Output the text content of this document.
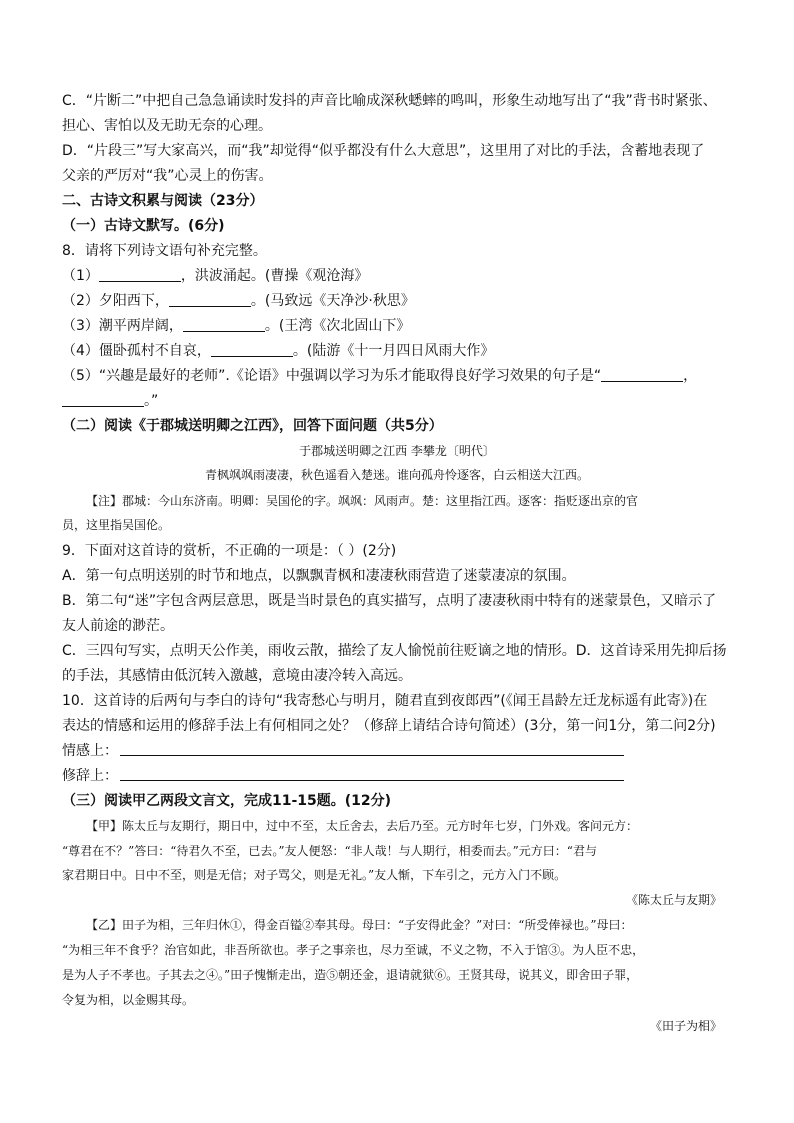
C．“片断二”中把自己急急诵读时发抖的声音比喻成深秋蟋蟀的鸣叫，形象生动地写出了“我”背书时紧张、
担心、害怕以及无助无奈的心理。
D．“片段三”写大家高兴，而“我”却觉得“似乎都没有什么大意思”，这里用了对比的手法，含蓄地表现了
父亲的严厉对“我”心灵上的伤害。
二、古诗文积累与阅读（23分）
（一）古诗文默写。(6分)
8．请将下列诗文语句补充完整。
（1）	，洪波涌起。(曹操《观沧海》
（2）夕阳西下，	。(马致远《天净沙·秋思》
（3）潮平两岸阔，	。(王湾《次北固山下》
（4）僵卧孤村不自哀，	。(陆游《十一月四日风雨大作》
（5）“兴趣是最好的老师”.《论语》中强调以学习为乐才能取得良好学习效果的句子是“	，
。”
（二）阅读《于郡城送明卿之江西》，回答下面问题（共5分）
于郡城送明卿之江西 李攀龙〔明代〕
青枫飒飒雨凄凄，秋色遥看入楚迷。谁向孤舟怜逐客，白云相送大江西。
【注】郡城：今山东济南。明卿：吴国伦的字。飒飒：风雨声。楚：这里指江西。逐客：指贬逐出京的官
员，这里指吴国伦。
9．下面对这首诗的赏析，不正确的一项是：（ ）(2分)
A．第一句点明送别的时节和地点，以飘飘青枫和凄凄秋雨营造了迷蒙凄凉的氛围。
B．第二句“迷”字包含两层意思，既是当时景色的真实描写，点明了凄凄秋雨中特有的迷蒙景色，又暗示了
友人前途的渺茫。
C．三四句写实，点明天公作美，雨收云散，描绘了友人愉悦前往贬谪之地的情形。D．这首诗采用先抑后扬
的手法，其感情由低沉转入激越，意境由凄冷转入高远。
10．这首诗的后两句与李白的诗句“我寄愁心与明月，随君直到夜郎西”(《闻王昌龄左迁龙标遥有此寄》)在
表达的情感和运用的修辞手法上有何相同之处？（修辞上请结合诗句简述）(3分，第一问1分，第二问2分)
情感上：
修辞上：
（三）阅读甲乙两段文言文，完成11-15题。(12分)
【甲】陈太丘与友期行，期日中，过中不至，太丘舍去，去后乃至。元方时年七岁，门外戏。客问元方：
“尊君在不？”答曰：“待君久不至，已去。”友人便怒：“非人哉！与人期行，相委而去。”元方曰：“君与
家君期日中。日中不至，则是无信；对子骂父，则是无礼。”友人惭，下车引之，元方入门不顾。
《陈太丘与友期》
【乙】田子为相，三年归休①，得金百镒②奉其母。母曰：“子安得此金？”对曰：“所受俸禄也。”母曰：
“为相三年不食乎？治官如此，非吾所欲也。孝子之事亲也，尽力至诚，不义之物，不入于馆③。为人臣不忠，
是为人子不孝也。子其去之④。”田子愧惭走出，造⑤朝还金，退请就狱⑥。王贤其母，说其义，即舍田子罪，
令复为相，以金赐其母。
《田子为相》
